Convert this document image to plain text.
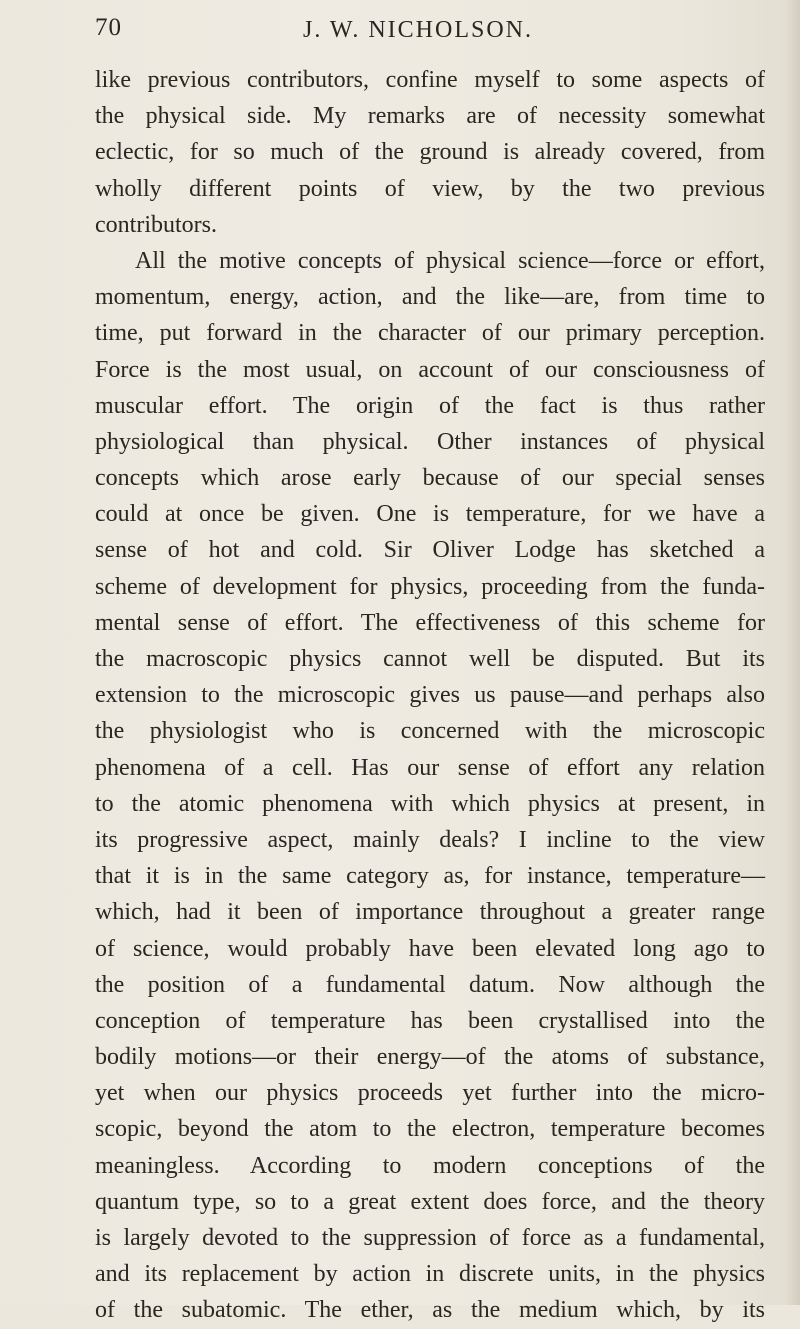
70	J. W. NICHOLSON.
like previous contributors, confine myself to some aspects of
the physical side. My remarks are of necessity somewhat
eclectic, for so much of the ground is already covered, from
wholly different points of view, by the two previous
contributors.
All the motive concepts of physical science—force or effort,
momentum, energy, action, and the like—are, from time to
time, put forward in the character of our primary perception.
Force is the most usual, on account of our consciousness of
muscular effort. The origin of the fact is thus rather
physiological than physical. Other instances of physical
concepts which arose early because of our special senses
could at once be given. One is temperature, for we have a
sense of hot and cold. Sir Oliver Lodge has sketched a
scheme of development for physics, proceeding from the funda-
mental sense of effort. The effectiveness of this scheme for
the macroscopic physics cannot well be disputed. But its
extension to the microscopic gives us pause—and perhaps also
the physiologist who is concerned with the microscopic
phenomena of a cell. Has our sense of effort any relation
to the atomic phenomena with which physics at present, in
its progressive aspect, mainly deals? I incline to the view
that it is in the same category as, for instance, temperature—
which, had it been of importance throughout a greater range
of science, would probably have been elevated long ago to
the position of a fundamental datum. Now although the
conception of temperature has been crystallised into the
bodily motions—or their energy—of the atoms of substance,
yet when our physics proceeds yet further into the micro-
scopic, beyond the atom to the electron, temperature becomes
meaningless. According to modern conceptions of the
quantum type, so to a great extent does force, and the theory
is largely devoted to the suppression of force as a fundamental,
and its replacement by action in discrete units, in the physics
of the subatomic. The ether, as the medium which, by its
